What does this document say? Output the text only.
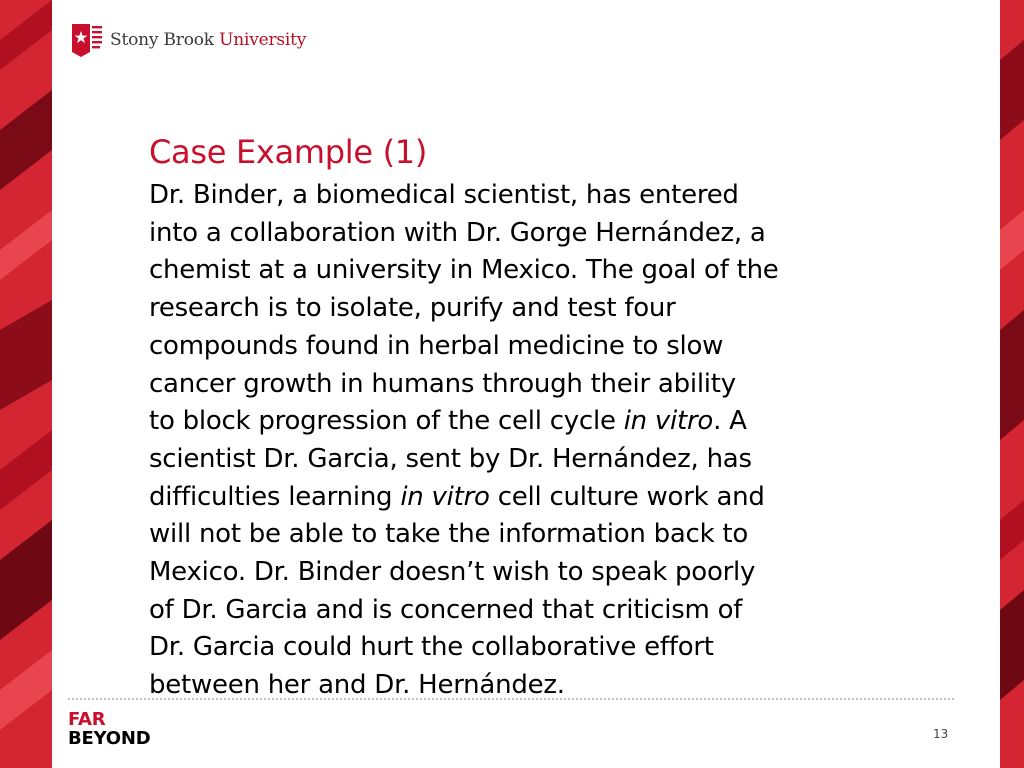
Stony Brook University
Case Example (1)

Dr. Binder, a biomedical scientist, has entered

into a collaboration with Dr. Gorge Hernández, a

chemist at a university in Mexico. The goal of the

research is to isolate, purify and test four

compounds found in herbal medicine to slow

cancer growth in humans through their ability

to block progression of the cell cycle in vitro. A

scientist Dr. Garcia, sent by Dr. Hernández, has

difficulties learning in vitro cell culture work and

will not be able to take the information back to

Mexico. Dr. Binder doesn’t wish to speak poorly

of Dr. Garcia and is concerned that criticism of

Dr. Garcia could hurt the collaborative effort

between her and Dr. Hernández.

FAR
BEYOND	13
